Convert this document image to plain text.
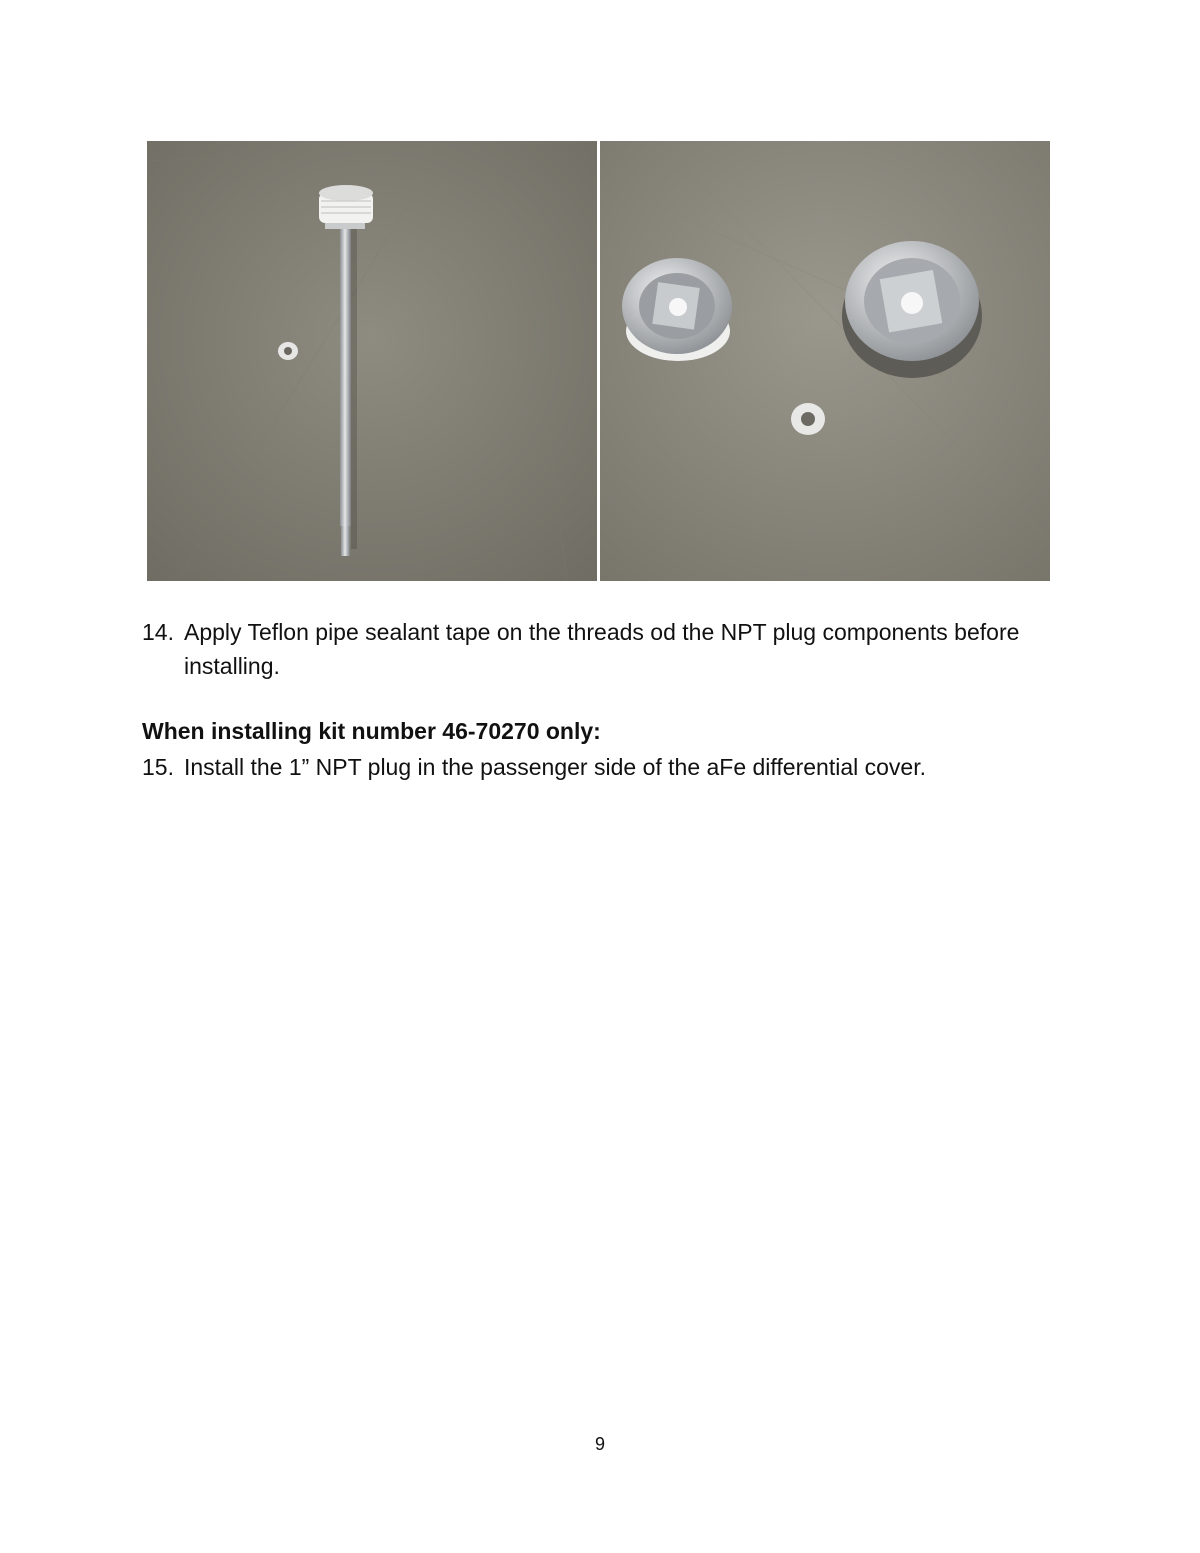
14. Apply Teflon pipe sealant tape on the threads od the NPT plug components before installing.
When installing kit number 46-70270 only:
15. Install the 1” NPT plug in the passenger side of the aFe differential cover.
9
